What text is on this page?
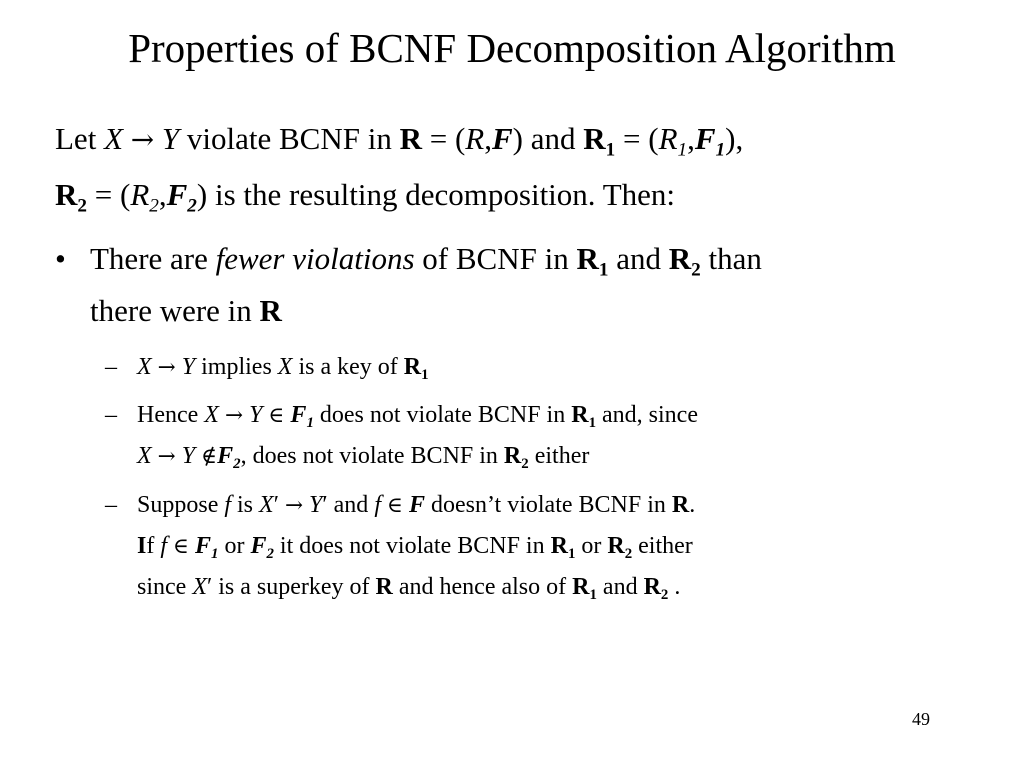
Properties of BCNF Decomposition Algorithm
Let X → Y violate BCNF in R = (R,F) and $R_1 = (R_1,F_1)$,
$R_2 = (R_2,F_2)$ is the resulting decomposition. Then:
• There are fewer violations of BCNF in $R_1$ and $R_2$ than
there were in R
– X → Y implies X is a key of $R_1$
– Hence X → Y ∈ $F_1$ does not violate BCNF in $R_1$ and, since
X → Y $\notin F_2$, does not violate BCNF in $R_2$ either
– Suppose f is X′ → Y′ and f ∈ F doesn’t violate BCNF in R.
If f ∈ $F_1$ or $F_2$ it does not violate BCNF in $R_1$ or $R_2$ either
since X′ is a superkey of R and hence also of $R_1$ and $R_2$ .
49
